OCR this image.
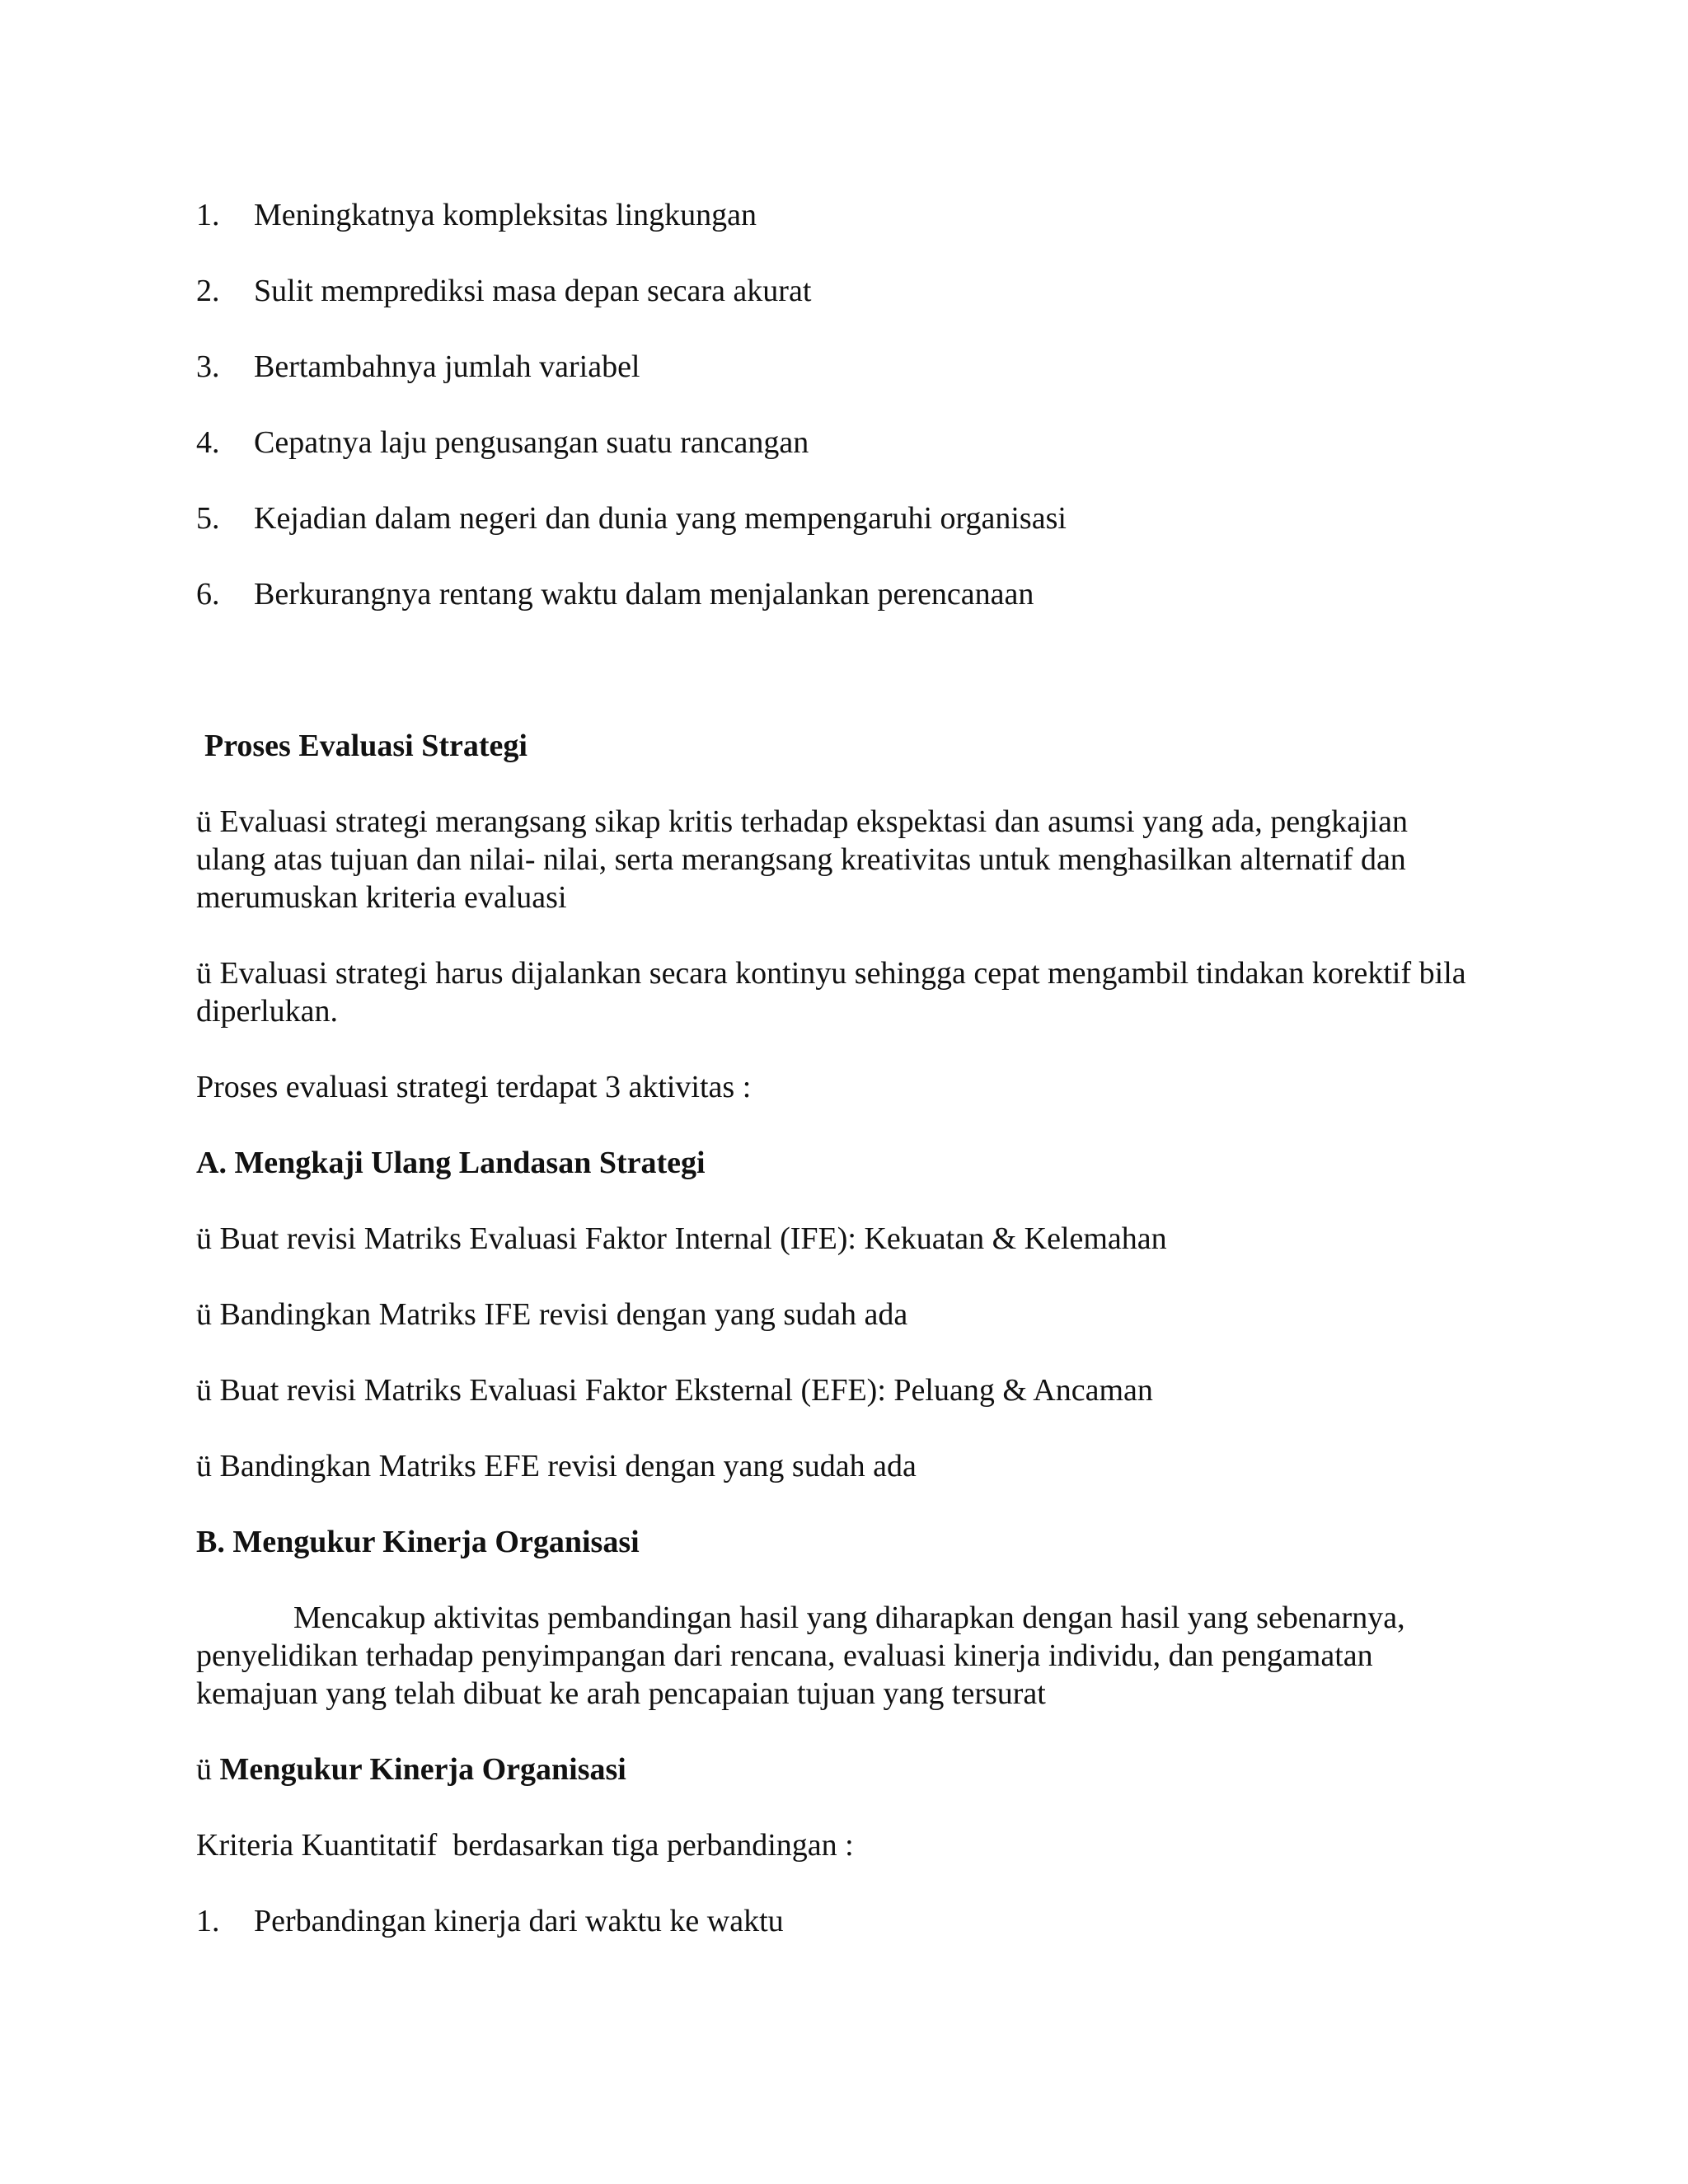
1. Meningkatnya kompleksitas lingkungan
2. Sulit memprediksi masa depan secara akurat
3. Bertambahnya jumlah variabel
4. Cepatnya laju pengusangan suatu rancangan
5. Kejadian dalam negeri dan dunia yang mempengaruhi organisasi
6. Berkurangnya rentang waktu dalam menjalankan perencanaan
Proses Evaluasi Strategi
ü Evaluasi strategi merangsang sikap kritis terhadap ekspektasi dan asumsi yang ada, pengkajian ulang atas tujuan dan nilai- nilai, serta merangsang kreativitas untuk menghasilkan alternatif dan merumuskan kriteria evaluasi
ü Evaluasi strategi harus dijalankan secara kontinyu sehingga cepat mengambil tindakan korektif bila diperlukan.
Proses evaluasi strategi terdapat 3 aktivitas :
A. Mengkaji Ulang Landasan Strategi
ü Buat revisi Matriks Evaluasi Faktor Internal (IFE): Kekuatan & Kelemahan
ü Bandingkan Matriks IFE revisi dengan yang sudah ada
ü Buat revisi Matriks Evaluasi Faktor Eksternal (EFE): Peluang & Ancaman
ü Bandingkan Matriks EFE revisi dengan yang sudah ada
B. Mengukur Kinerja Organisasi
Mencakup aktivitas pembandingan hasil yang diharapkan dengan hasil yang sebenarnya, penyelidikan terhadap penyimpangan dari rencana, evaluasi kinerja individu, dan pengamatan kemajuan yang telah dibuat ke arah pencapaian tujuan yang tersurat
ü Mengukur Kinerja Organisasi
Kriteria Kuantitatif  berdasarkan tiga perbandingan :
1. Perbandingan kinerja dari waktu ke waktu
